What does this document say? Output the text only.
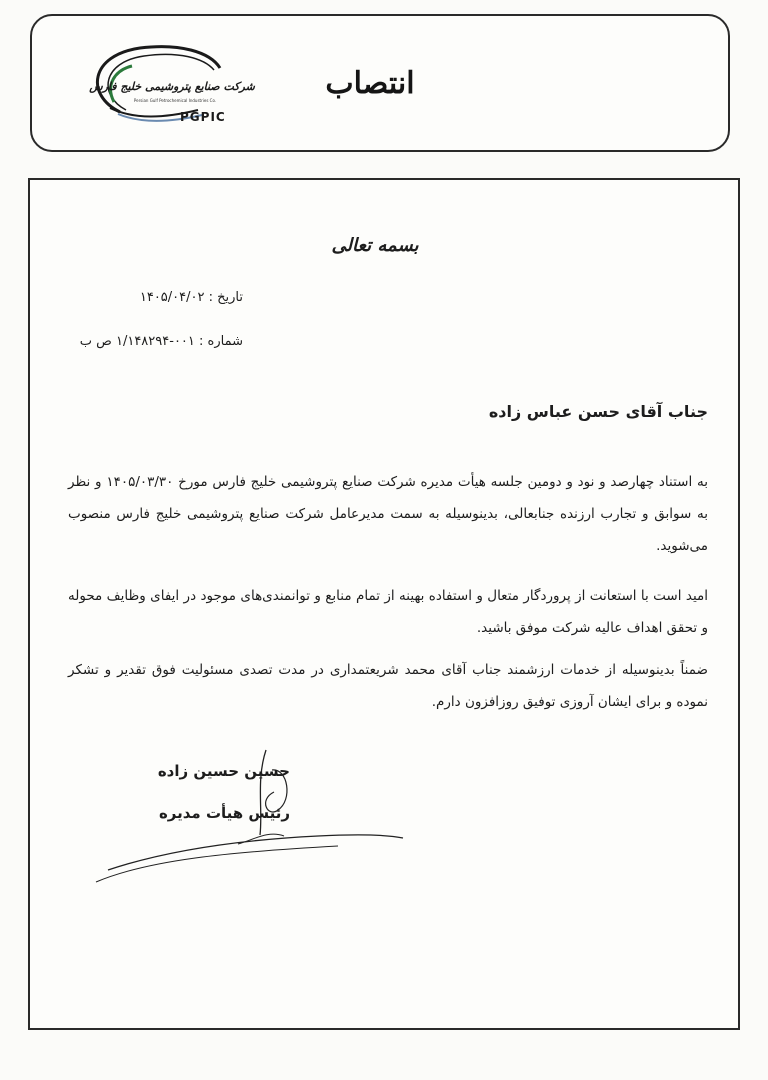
شرکت صنایع پتروشیمی خلیج فارس
Persian Gulf Petrochemical Industries Co.
PGPIC
انتصاب
بسمه تعالی
تاریخ : ۱۴۰۵/۰۴/۰۲
شماره : ۰۰۱-۱/۱۴۸۲۹۴ ص ب
جناب آقای حسن عباس زاده
به استناد چهارصد و نود و دومین جلسه هیأت مدیره شرکت صنایع پتروشیمی خلیج فارس مورخ ۱۴۰۵/۰۳/۳۰ و نظر به سوابق و تجارب ارزنده جنابعالی، بدینوسیله به سمت مدیرعامل شرکت صنایع پتروشیمی خلیج فارس منصوب می‌شوید.
امید است با استعانت از پروردگار متعال و استفاده بهینه از تمام منابع و توانمندی‌های موجود در ایفای وظایف محوله و تحقق اهداف عالیه شرکت موفق باشید.
ضمناً بدینوسیله از خدمات ارزشمند جناب آقای محمد شریعتمداری در مدت تصدی مسئولیت فوق تقدیر و تشکر نموده و برای ایشان آروزی توفیق روزافزون دارم.
حسین حسین زاده
رئیس هیأت مدیره
